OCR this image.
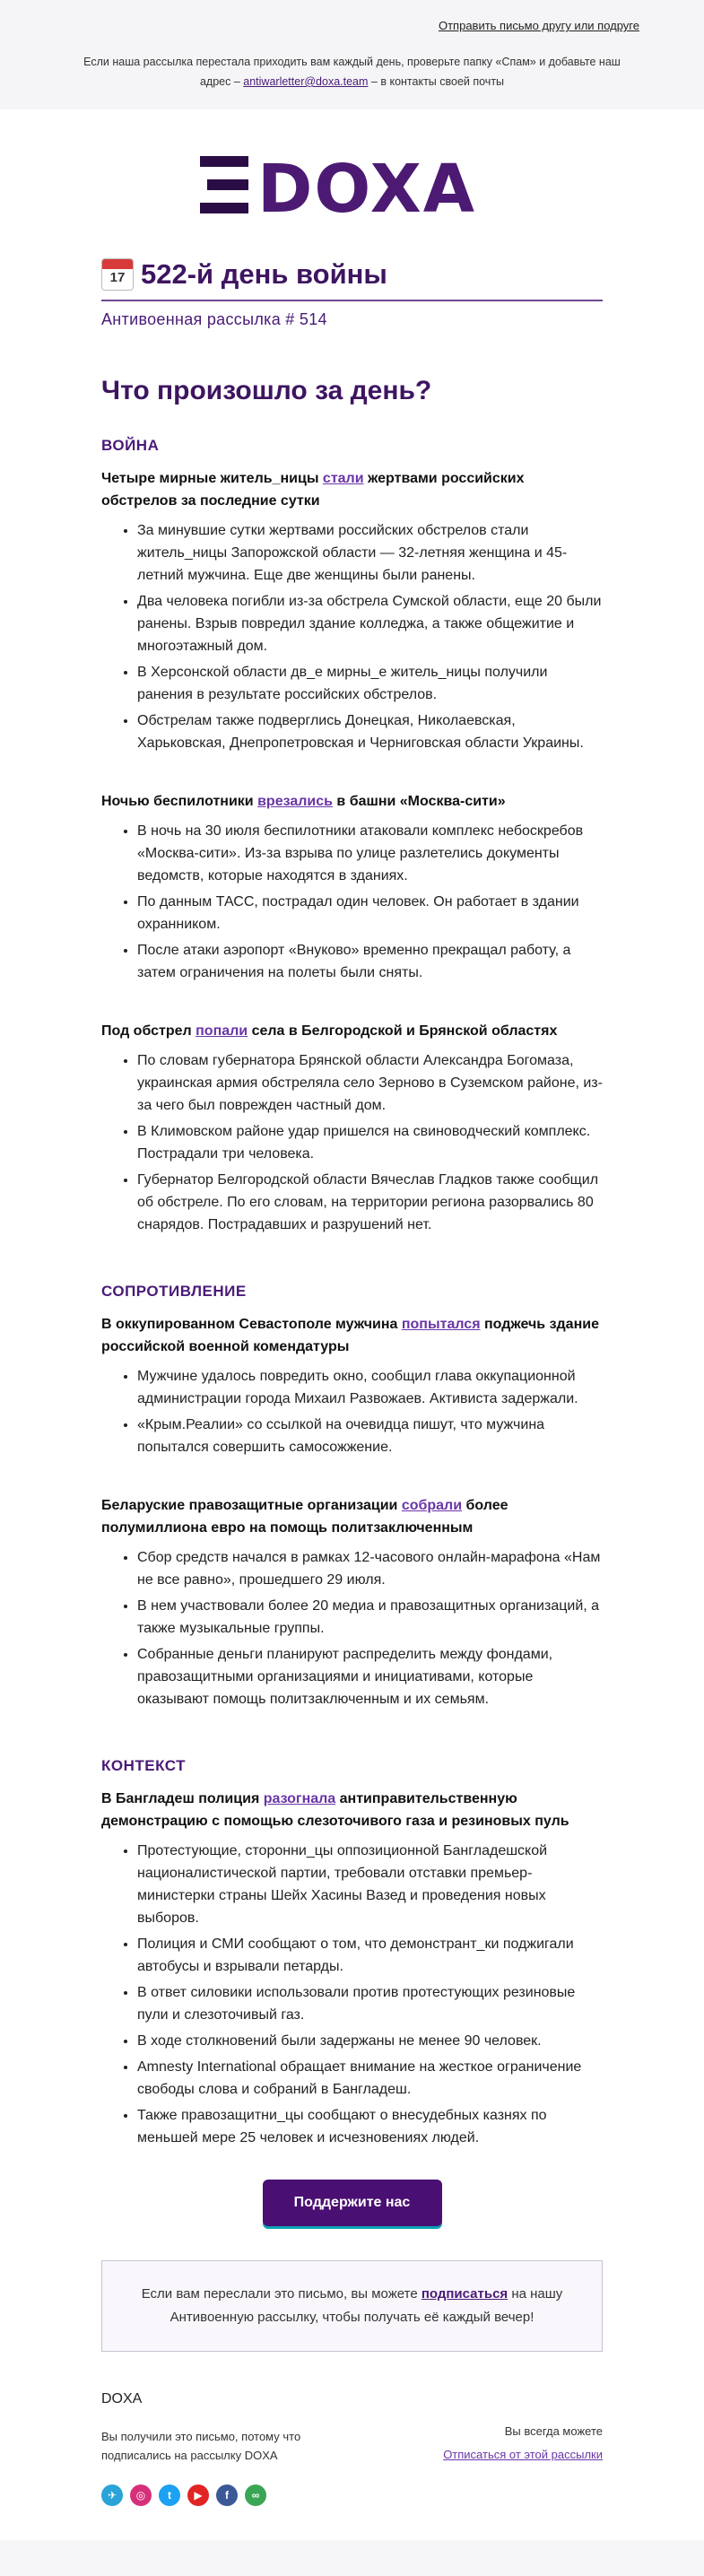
Отправить письмо другу или подруге
Если наша рассылка перестала приходить вам каждый день, проверьте папку «Спам» и добавьте наш адрес – antiwarletter@doxa.team – в контакты своей почты
DOXA
17 522-й день войны
Антивоенная рассылка # 514
Что произошло за день?
ВОЙНА
Четыре мирные житель_ницы стали жертвами российских обстрелов за последние сутки
• За минувшие сутки жертвами российских обстрелов стали житель_ницы Запорожской области — 32-летняя женщина и 45-летний мужчина. Еще две женщины были ранены.
• Два человека погибли из-за обстрела Сумской области, еще 20 были ранены. Взрыв повредил здание колледжа, а также общежитие и многоэтажный дом.
• В Херсонской области дв_е мирны_е житель_ницы получили ранения в результате российских обстрелов.
• Обстрелам также подверглись Донецкая, Николаевская, Харьковская, Днепропетровская и Черниговская области Украины.
Ночью беспилотники врезались в башни «Москва-сити»
• В ночь на 30 июля беспилотники атаковали комплекс небоскребов «Москва-сити». Из-за взрыва по улице разлетелись документы ведомств, которые находятся в зданиях.
• По данным ТАСС, пострадал один человек. Он работает в здании охранником.
• После атаки аэропорт «Внуково» временно прекращал работу, а затем ограничения на полеты были сняты.
Под обстрел попали села в Белгородской и Брянской областях
• По словам губернатора Брянской области Александра Богомаза, украинская армия обстреляла село Зерново в Суземском районе, из-за чего был поврежден частный дом.
• В Климовском районе удар пришелся на свиноводческий комплекс. Пострадали три человека.
• Губернатор Белгородской области Вячеслав Гладков также сообщил об обстреле. По его словам, на территории региона разорвались 80 снарядов. Пострадавших и разрушений нет.
СОПРОТИВЛЕНИЕ
В оккупированном Севастополе мужчина попытался поджечь здание российской военной комендатуры
• Мужчине удалось повредить окно, сообщил глава оккупационной администрации города Михаил Развожаев. Активиста задержали.
• «Крым.Реалии» со ссылкой на очевидца пишут, что мужчина попытался совершить самосожжение.
Беларуские правозащитные организации собрали более полумиллиона евро на помощь политзаключенным
• Сбор средств начался в рамках 12-часового онлайн-марафона «Нам не все равно», прошедшего 29 июля.
• В нем участвовали более 20 медиа и правозащитных организаций, а также музыкальные группы.
• Собранные деньги планируют распределить между фондами, правозащитными организациями и инициативами, которые оказывают помощь политзаключенным и их семьям.
КОНТЕКСТ
В Бангладеш полиция разогнала антиправительственную демонстрацию с помощью слезоточивого газа и резиновых пуль
• Протестующие, сторонни_цы оппозиционной Бангладешской националистической партии, требовали отставки премьер-министерки страны Шейх Хасины Вазед и проведения новых выборов.
• Полиция и СМИ сообщают о том, что демонстрант_ки поджигали автобусы и взрывали петарды.
• В ответ силовики использовали против протестующих резиновые пули и слезоточивый газ.
• В ходе столкновений были задержаны не менее 90 человек.
• Amnesty International обращает внимание на жесткое ограничение свободы слова и собраний в Бангладеш.
• Также правозащитни_цы сообщают о внесудебных казнях по меньшей мере 25 человек и исчезновениях людей.
Поддержите нас
Если вам переслали это письмо, вы можете подписаться на нашу Антивоенную рассылку, чтобы получать её каждый вечер!
DOXA
Вы получили это письмо, потому что подписались на рассылку DOXA
Вы всегда можете
Отписаться от этой рассылки
✈	◎	t	▶	f	∞
